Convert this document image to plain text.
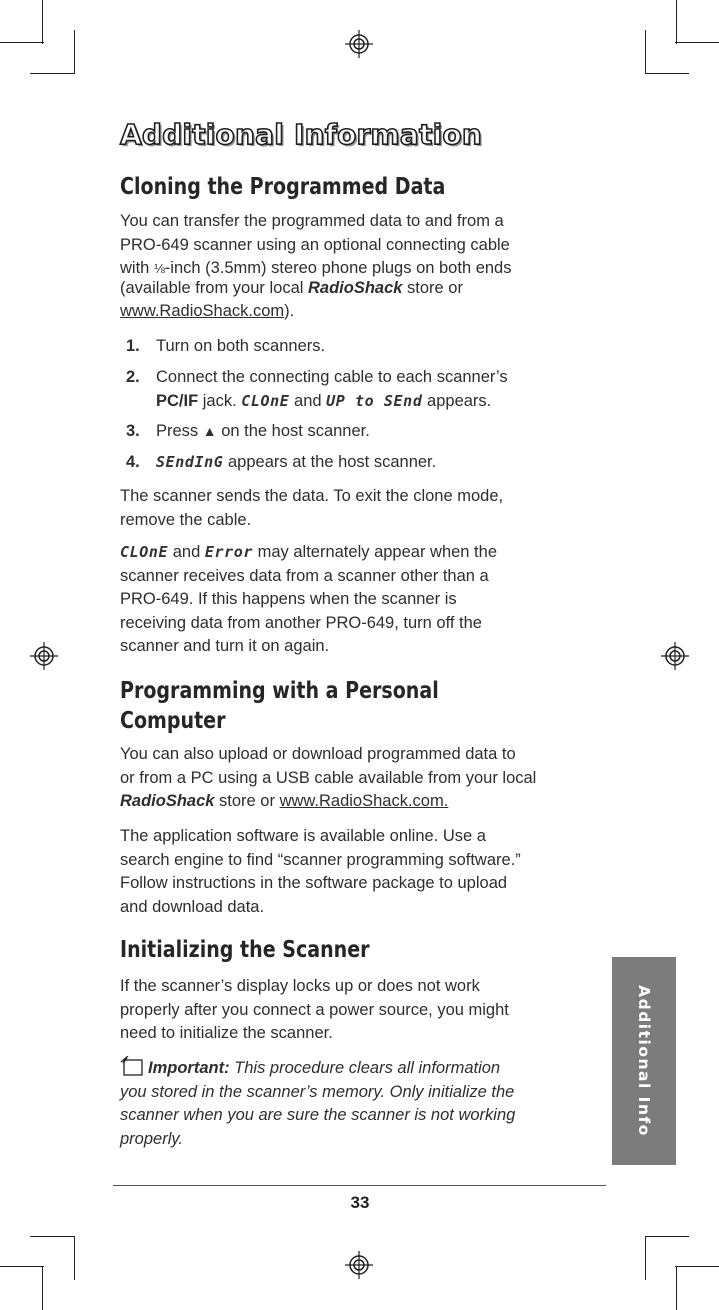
Additional Information
Cloning the Programmed Data
You can transfer the programmed data to and from a
PRO-649 scanner using an optional connecting cable
with ⅛-inch (3.5mm) stereo phone plugs on both ends
(available from your local RadioShack store or
www.RadioShack.com).
1. Turn on both scanners.
2. Connect the connecting cable to each scanner’s
PC/IF jack. CLOnE and UP to SEnd appears.
3. Press ▲ on the host scanner.
4.	SEndInG appears at the host scanner.
The scanner sends the data. To exit the clone mode,
remove the cable.
CLOnE and Error may alternately appear when the
scanner receives data from a scanner other than a
PRO-649. If this happens when the scanner is
receiving data from another PRO-649, turn off the
scanner and turn it on again.
Programming with a Personal
Computer
You can also upload or download programmed data to
or from a PC using a USB cable available from your local
RadioShack store or www.RadioShack.com.
The application software is available online. Use a
search engine to find “scanner programming software.”
Follow instructions in the software package to upload
and download data.
Initializing the Scanner
If the scanner’s display locks up or does not work
properly after you connect a power source, you might
need to initialize the scanner.
Important: This procedure clears all information
you stored in the scanner’s memory. Only initialize the
scanner when you are sure the scanner is not working
properly.
Additional Info
33
